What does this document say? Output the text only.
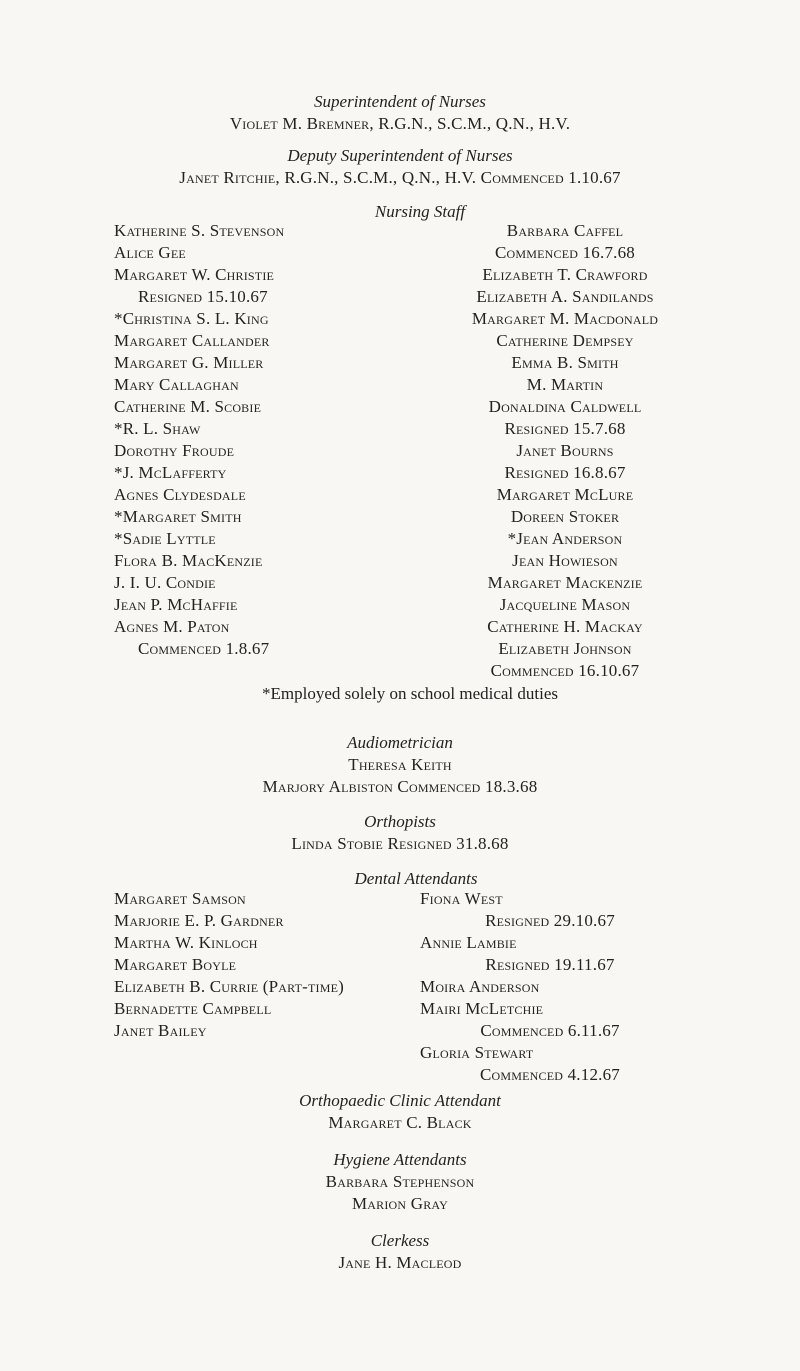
Superintendent of Nurses
Violet M. Bremner, R.G.N., S.C.M., Q.N., H.V.
Deputy Superintendent of Nurses
Janet Ritchie, R.G.N., S.C.M., Q.N., H.V. Commenced 1.10.67
Nursing Staff
Katherine S. Stevenson
Alice Gee
Margaret W. Christie
Resigned 15.10.67
*Christina S. L. King
Margaret Callander
Margaret G. Miller
Mary Callaghan
Catherine M. Scobie
*R. L. Shaw
Dorothy Froude
*J. McLafferty
Agnes Clydesdale
*Margaret Smith
*Sadie Lyttle
Flora B. MacKenzie
J. I. U. Condie
Jean P. McHaffie
Agnes M. Paton
Commenced 1.8.67
Barbara Caffel
Commenced 16.7.68
Elizabeth T. Crawford
Elizabeth A. Sandilands
Margaret M. Macdonald
Catherine Dempsey
Emma B. Smith
M. Martin
Donaldina Caldwell
Resigned 15.7.68
Janet Bourns
Resigned 16.8.67
Margaret McLure
Doreen Stoker
*Jean Anderson
Jean Howieson
Margaret Mackenzie
Jacqueline Mason
Catherine H. Mackay
Elizabeth Johnson
Commenced 16.10.67
*Employed solely on school medical duties
Audiometrician
Theresa Keith
Marjory Albiston Commenced 18.3.68
Orthopists
Linda Stobie Resigned 31.8.68
Dental Attendants
Margaret Samson
Marjorie E. P. Gardner
Martha W. Kinloch
Margaret Boyle
Elizabeth B. Currie (Part-time)
Bernadette Campbell
Janet Bailey
Fiona West
Resigned 29.10.67
Annie Lambie
Resigned 19.11.67
Moira Anderson
Mairi McLetchie
Commenced 6.11.67
Gloria Stewart
Commenced 4.12.67
Orthopaedic Clinic Attendant
Margaret C. Black
Hygiene Attendants
Barbara Stephenson
Marion Gray
Clerkess
Jane H. Macleod
